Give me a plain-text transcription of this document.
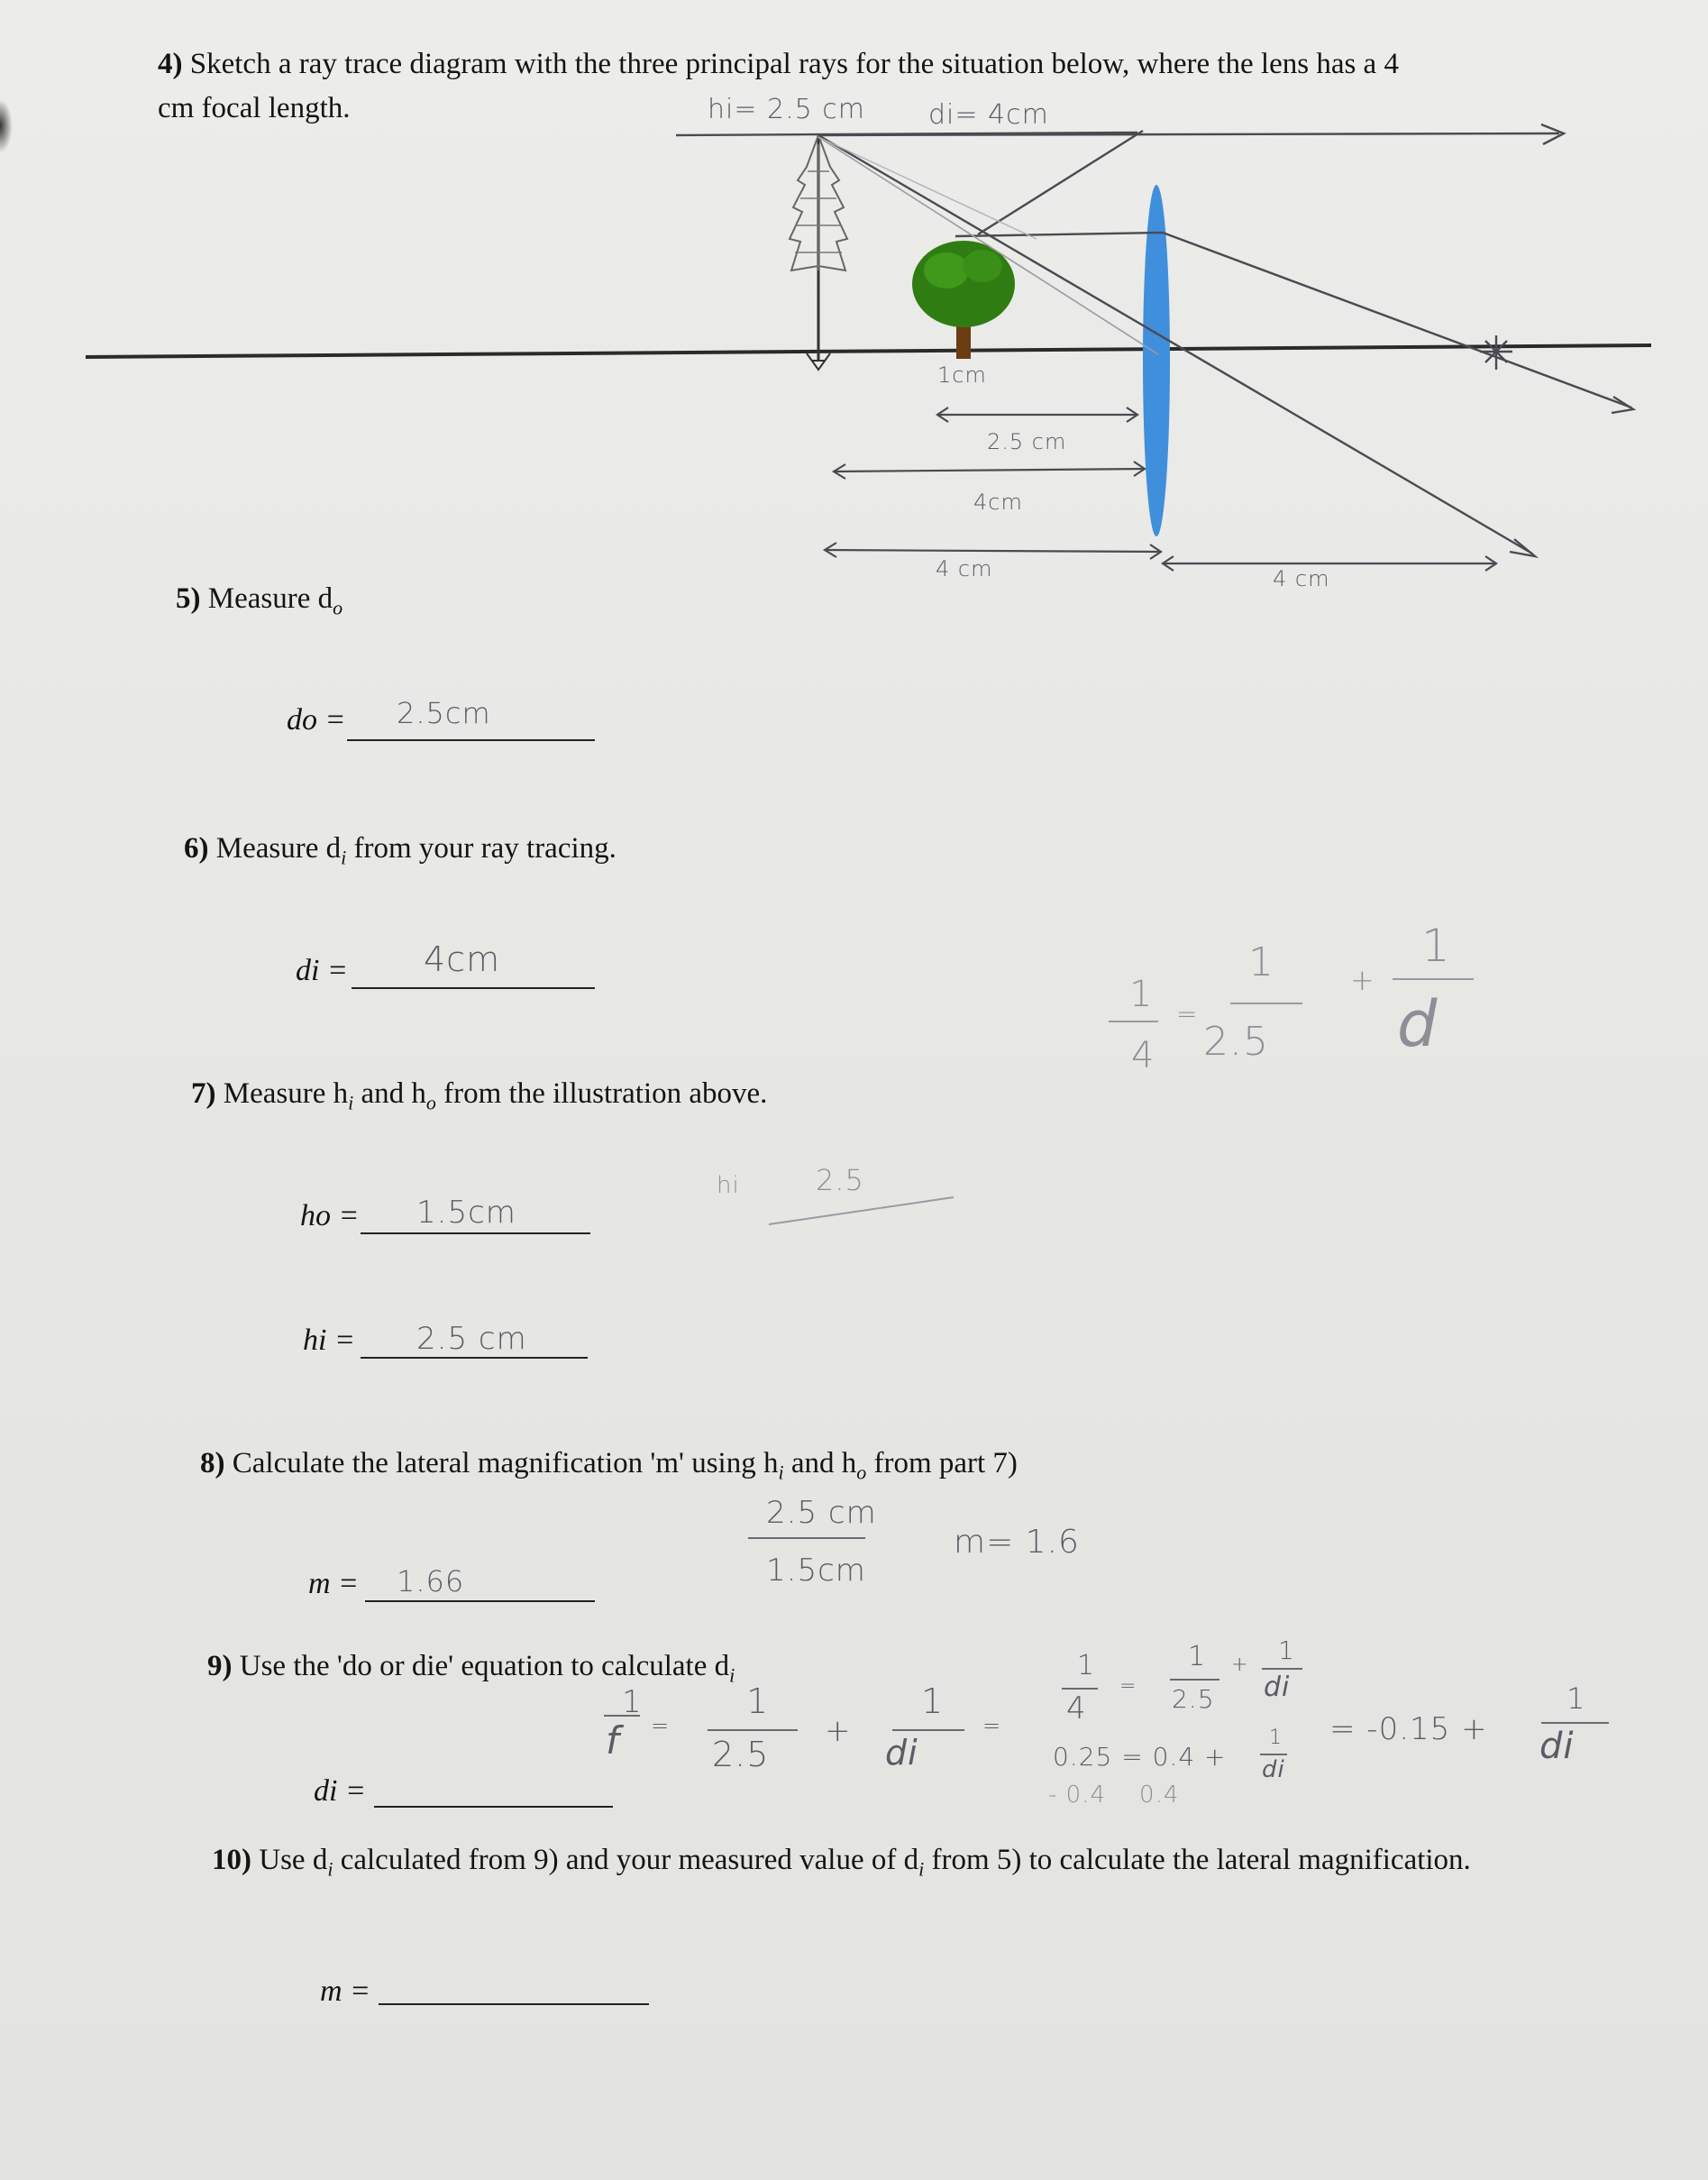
4) Sketch a ray trace diagram with the three principal rays for the situation below, where the lens has a 4
cm focal length.	hi= 2.5 cm di= 4cm
1cm
2.5 cm
4cm
4 cm	4 cm
5) Measure $d_o$
do = 2.5cm
6) Measure $d_i$ from your ray tracing.
di = 4cm
1
4
=
1
2.5
+
1
d
7) Measure $h_i$ and $h_o$ from the illustration above.
ho = 1.5cm
hi = 2.5 cm
hi	2.5
8) Calculate the lateral magnification 'm' using $h_i$ and $h_o$ from part 7)
2.5 cm
1.5cm
m= 1.6
m = 1.66
9) Use the 'do or die' equation to calculate $d_i$
1
f =
1
2.5
+
1
di
=
1
4
=
1
2.5
+ 1
di
0.25 = 0.4 +
1
di
- 0.4    0.4
= -0.15 +
1
di
di =
10) Use $d_i$ calculated from 9) and your measured value of $d_i$ from 5) to calculate the lateral magnification.
m =
